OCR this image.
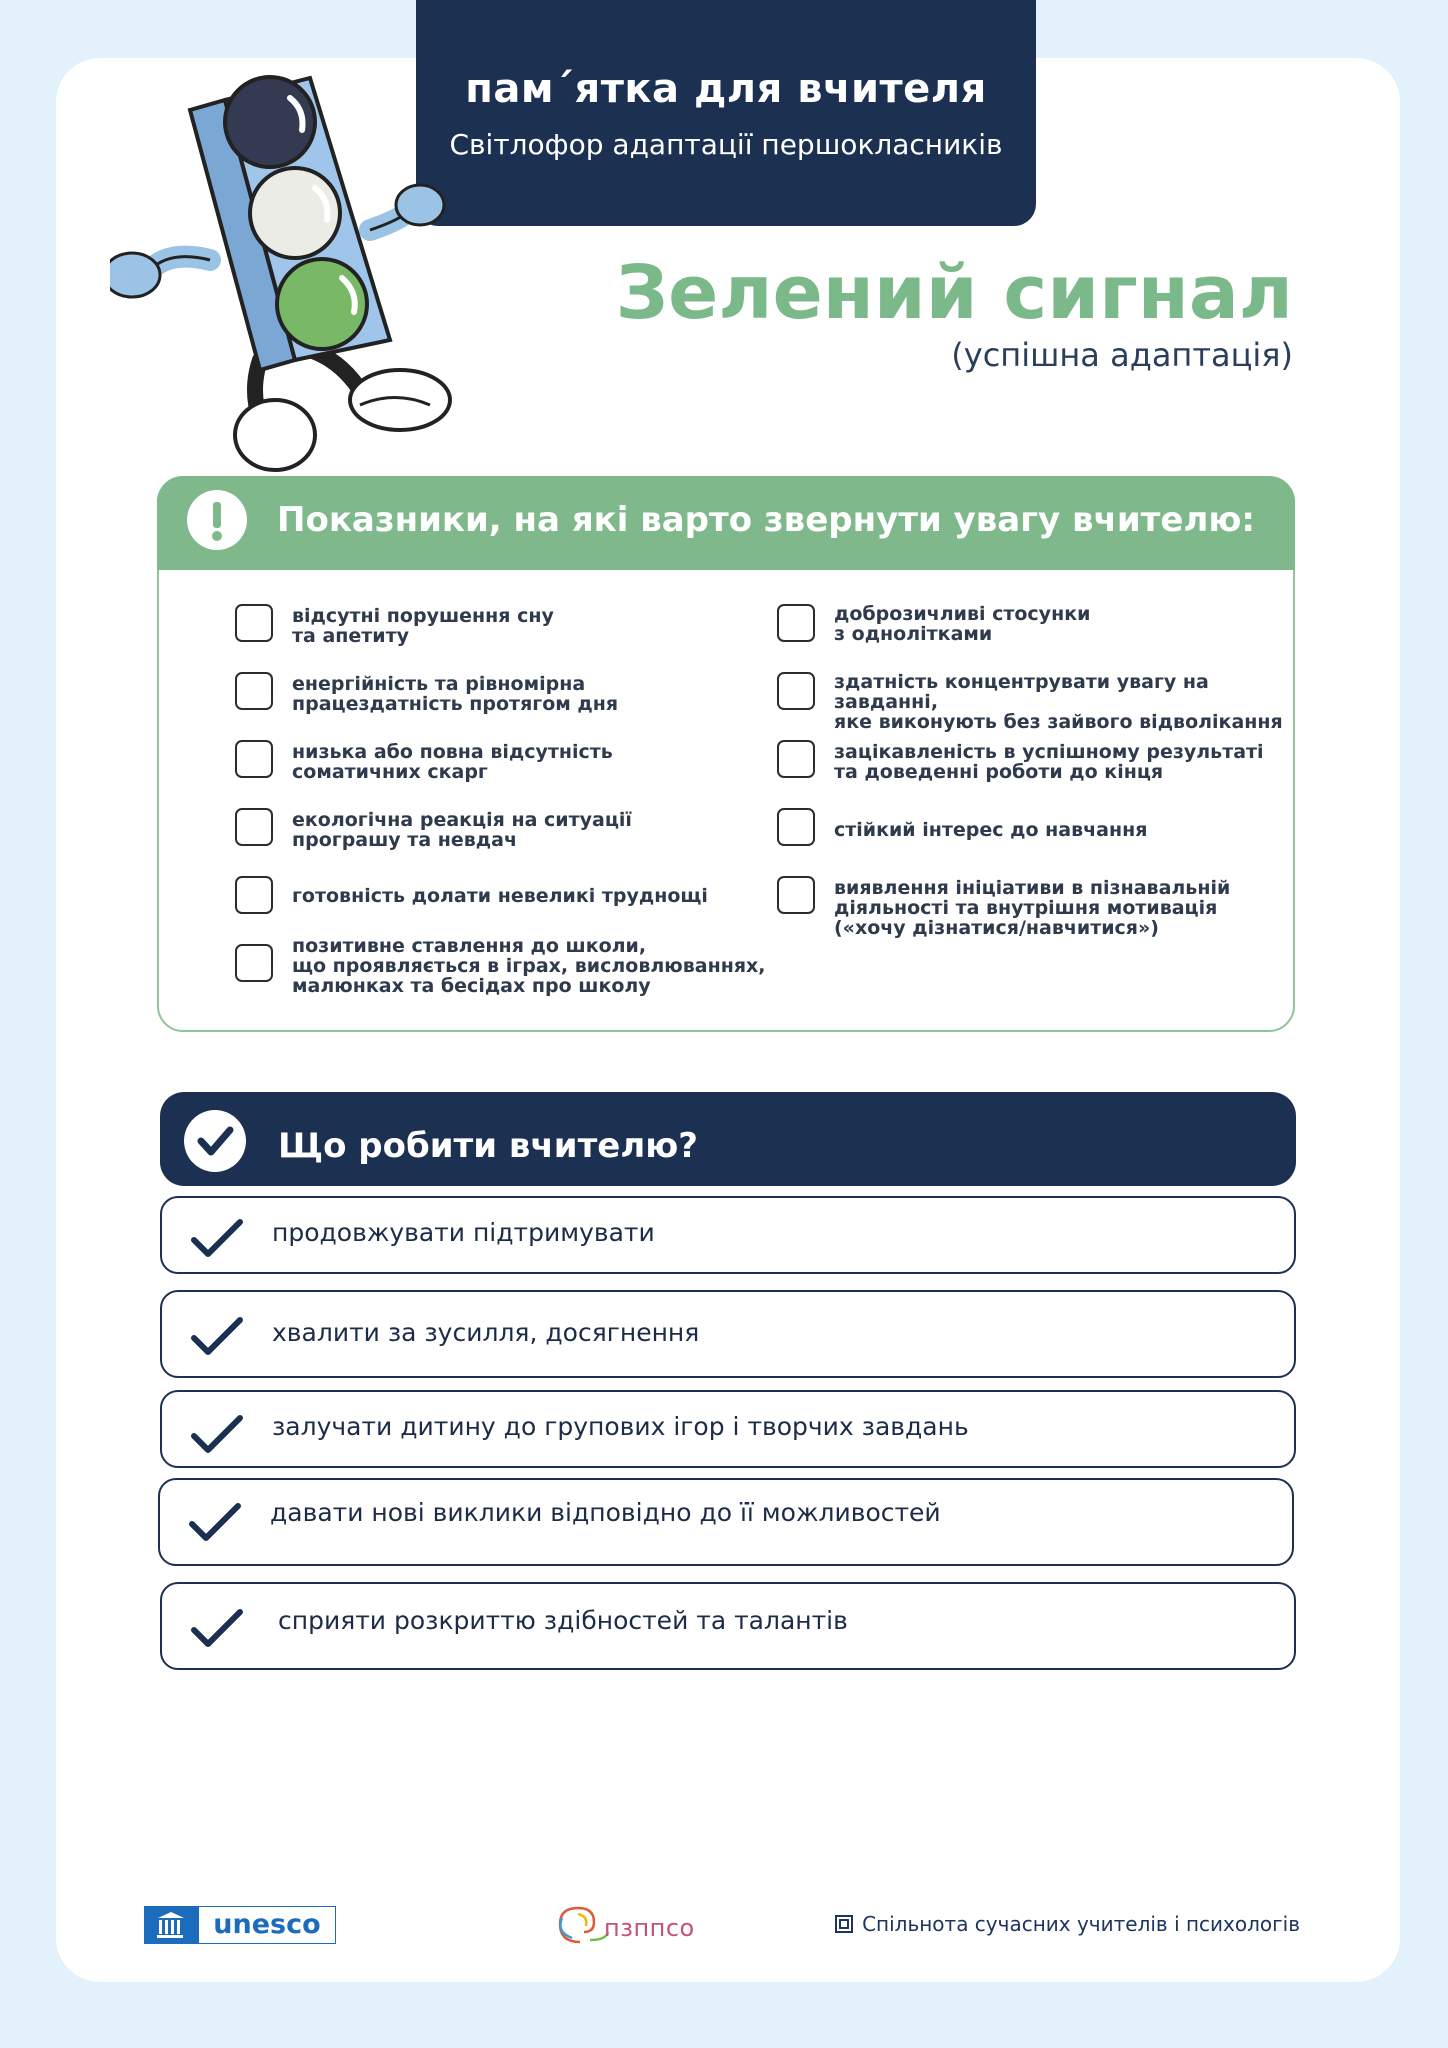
пам´ятка для вчителя
Світлофор адаптації першокласників
Зелений сигнал
(успішна адаптація)
Показники, на які варто звернути увагу вчителю:
відсутні порушення сну
та апетиту
енергійність та рівномірна
працездатність протягом дня
низька або повна відсутність
соматичних скарг
екологічна реакція на ситуації
програшу та невдач
готовність долати невеликі труднощі
позитивне ставлення до школи,
що проявляється в іграх, висловлюваннях,
малюнках та бесідах про школу
доброзичливі стосунки
з однолітками
здатність концентрувати увагу на завданні,
яке виконують без зайвого відволікання
зацікавленість в успішному результаті
та доведенні роботи до кінця
стійкий інтерес до навчання
виявлення ініціативи в пізнавальній
діяльності та внутрішня мотивація
(«хочу дізнатися/навчитися»)
Що робити вчителю?
продовжувати підтримувати
хвалити за зусилля, досягнення
залучати дитину до групових ігор і творчих завдань
давати нові виклики відповідно до її можливостей
сприяти розкриттю здібностей та талантів
unesco	пзппсо	Спільнота сучасних учителів і психологів
